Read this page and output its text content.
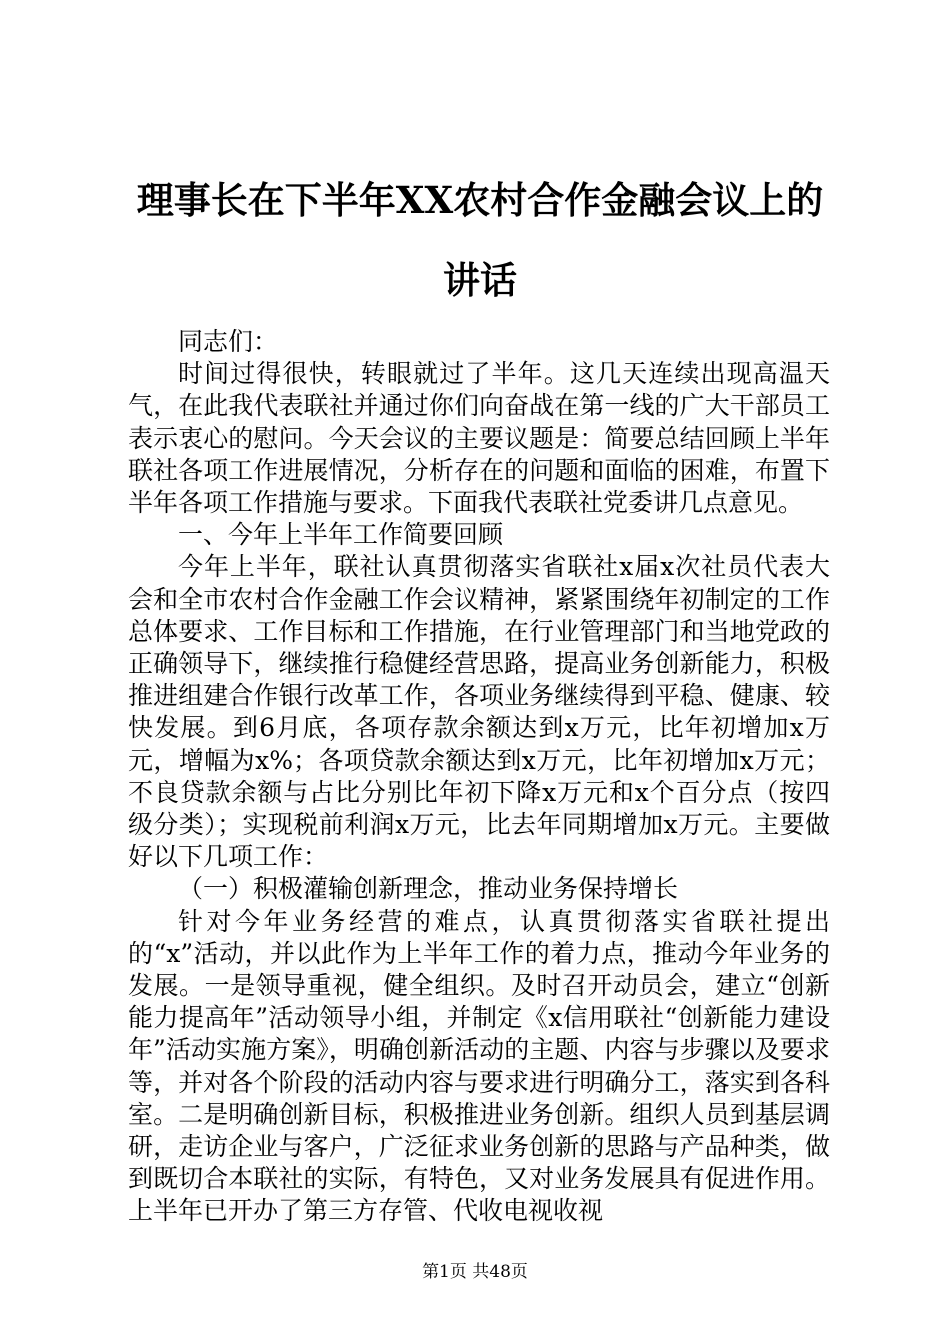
理事长在下半年XX农村合作金融会议上的讲话

同志们：

时间过得很快，转眼就过了半年。这几天连续出现高温天气，在此我代表联社并通过你们向奋战在第一线的广大干部员工表示衷心的慰问。今天会议的主要议题是：简要总结回顾上半年联社各项工作进展情况，分析存在的问题和面临的困难，布置下半年各项工作措施与要求。下面我代表联社党委讲几点意见。

一、今年上半年工作简要回顾

今年上半年，联社认真贯彻落实省联社x届x次社员代表大会和全市农村合作金融工作会议精神，紧紧围绕年初制定的工作总体要求、工作目标和工作措施，在行业管理部门和当地党政的正确领导下，继续推行稳健经营思路，提高业务创新能力，积极推进组建合作银行改革工作，各项业务继续得到平稳、健康、较快发展。到6月底，各项存款余额达到x万元，比年初增加x万元，增幅为x%；各项贷款余额达到x万元，比年初增加x万元；不良贷款余额与占比分别比年初下降x万元和x个百分点（按四级分类）；实现税前利润x万元，比去年同期增加x万元。主要做好以下几项工作：

（一）积极灌输创新理念，推动业务保持增长

针对今年业务经营的难点，认真贯彻落实省联社提出的“x”活动，并以此作为上半年工作的着力点，推动今年业务的发展。一是领导重视，健全组织。及时召开动员会，建立“创新能力提高年”活动领导小组，并制定《x信用联社“创新能力建设年”活动实施方案》，明确创新活动的主题、内容与步骤以及要求等，并对各个阶段的活动内容与要求进行明确分工，落实到各科室。二是明确创新目标，积极推进业务创新。组织人员到基层调研，走访企业与客户，广泛征求业务创新的思路与产品种类，做到既切合本联社的实际，有特色，又对业务发展具有促进作用。上半年已开办了第三方存管、代收电视收视

第1页 共48页
